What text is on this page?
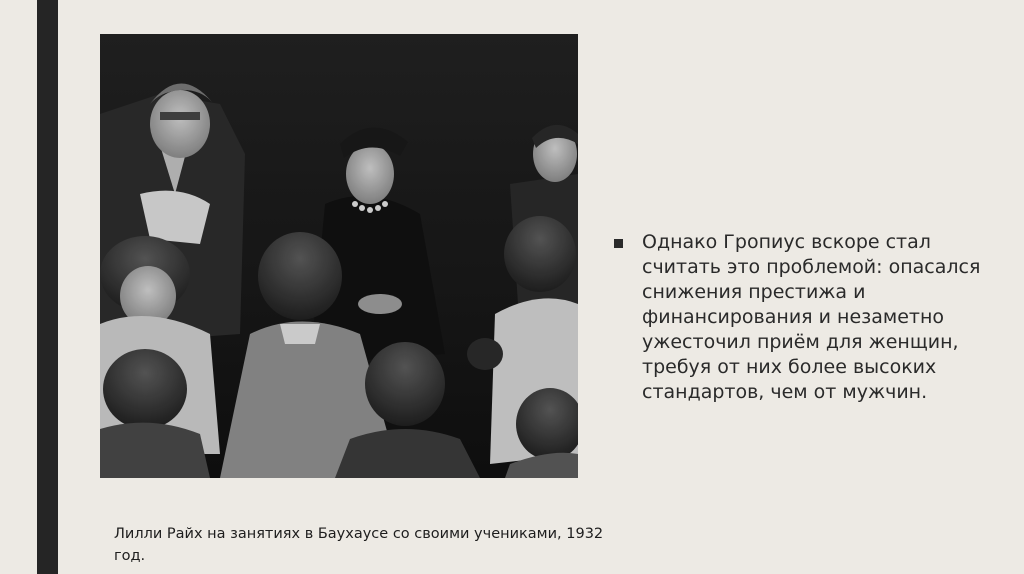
Однако Гропиус вскоре стал считать это проблемой: опасался снижения престижа и финансирования и незаметно ужесточил приём для женщин, требуя от них более высоких стандартов, чем от мужчин.

Лилли Райх на занятиях в Баухаусе со своими учениками, 1932 год.
